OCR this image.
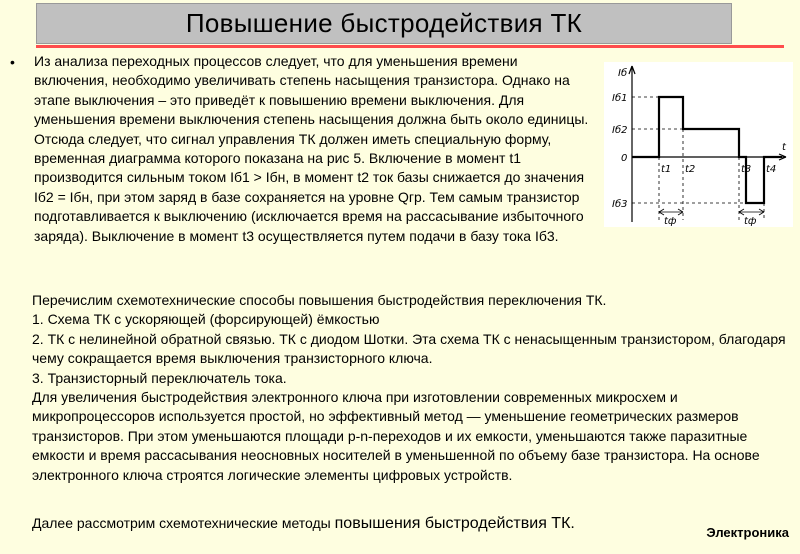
Повышение быстродействия ТК
• Из анализа переходных процессов следует, что для уменьшения времени включения, необходимо увеличивать степень насыщения транзистора. Однако на этапе выключения – это приведёт к повышению времени выключения. Для уменьшения времени выключения степень насыщения должна быть около единицы. Отсюда следует, что сигнал управления ТК должен иметь специальную форму, временная диаграмма которого показана на рис 5. Включение в момент t1 производится сильным током Iб1 > Iбн, в момент t2 ток базы снижается до значения Iб2 = Iбн, при этом заряд в базе сохраняется на уровне Qгр. Тем самым транзистор подготавливается к выключению (исключается время на рассасывание избыточного заряда). Выключение в момент t3 осуществляется путем подачи в базу тока Iб3.
Iб
t
Iб1
Iб2
0
Iб3
t1 t2	t3 t4
tф	tф

Перечислим схемотехнические способы повышения быстродействия переключения ТК.

1. Схема ТК с ускоряющей (форсирующей) ёмкостью

2. ТК с нелинейной обратной связью. ТК с диодом Шотки. Эта схема ТК с ненасыщенным транзистором, благодаря чему сокращается время выключения транзисторного ключа.

3. Транзисторный переключатель тока.

Для увеличения быстродействия электронного ключа при изготовлении современных микросхем и микропроцессоров используется простой, но эффективный метод — уменьшение геометрических размеров транзисторов. При этом уменьшаются площади p-n-переходов и их емкости, уменьшаются также паразитные емкости и время рассасывания неосновных носителей в уменьшенной по объему базе транзистора. На основе электронного ключа строятся логические элементы цифровых устройств.

Далее рассмотрим схемотехнические методы повышения быстродействия ТК.
Электроника
